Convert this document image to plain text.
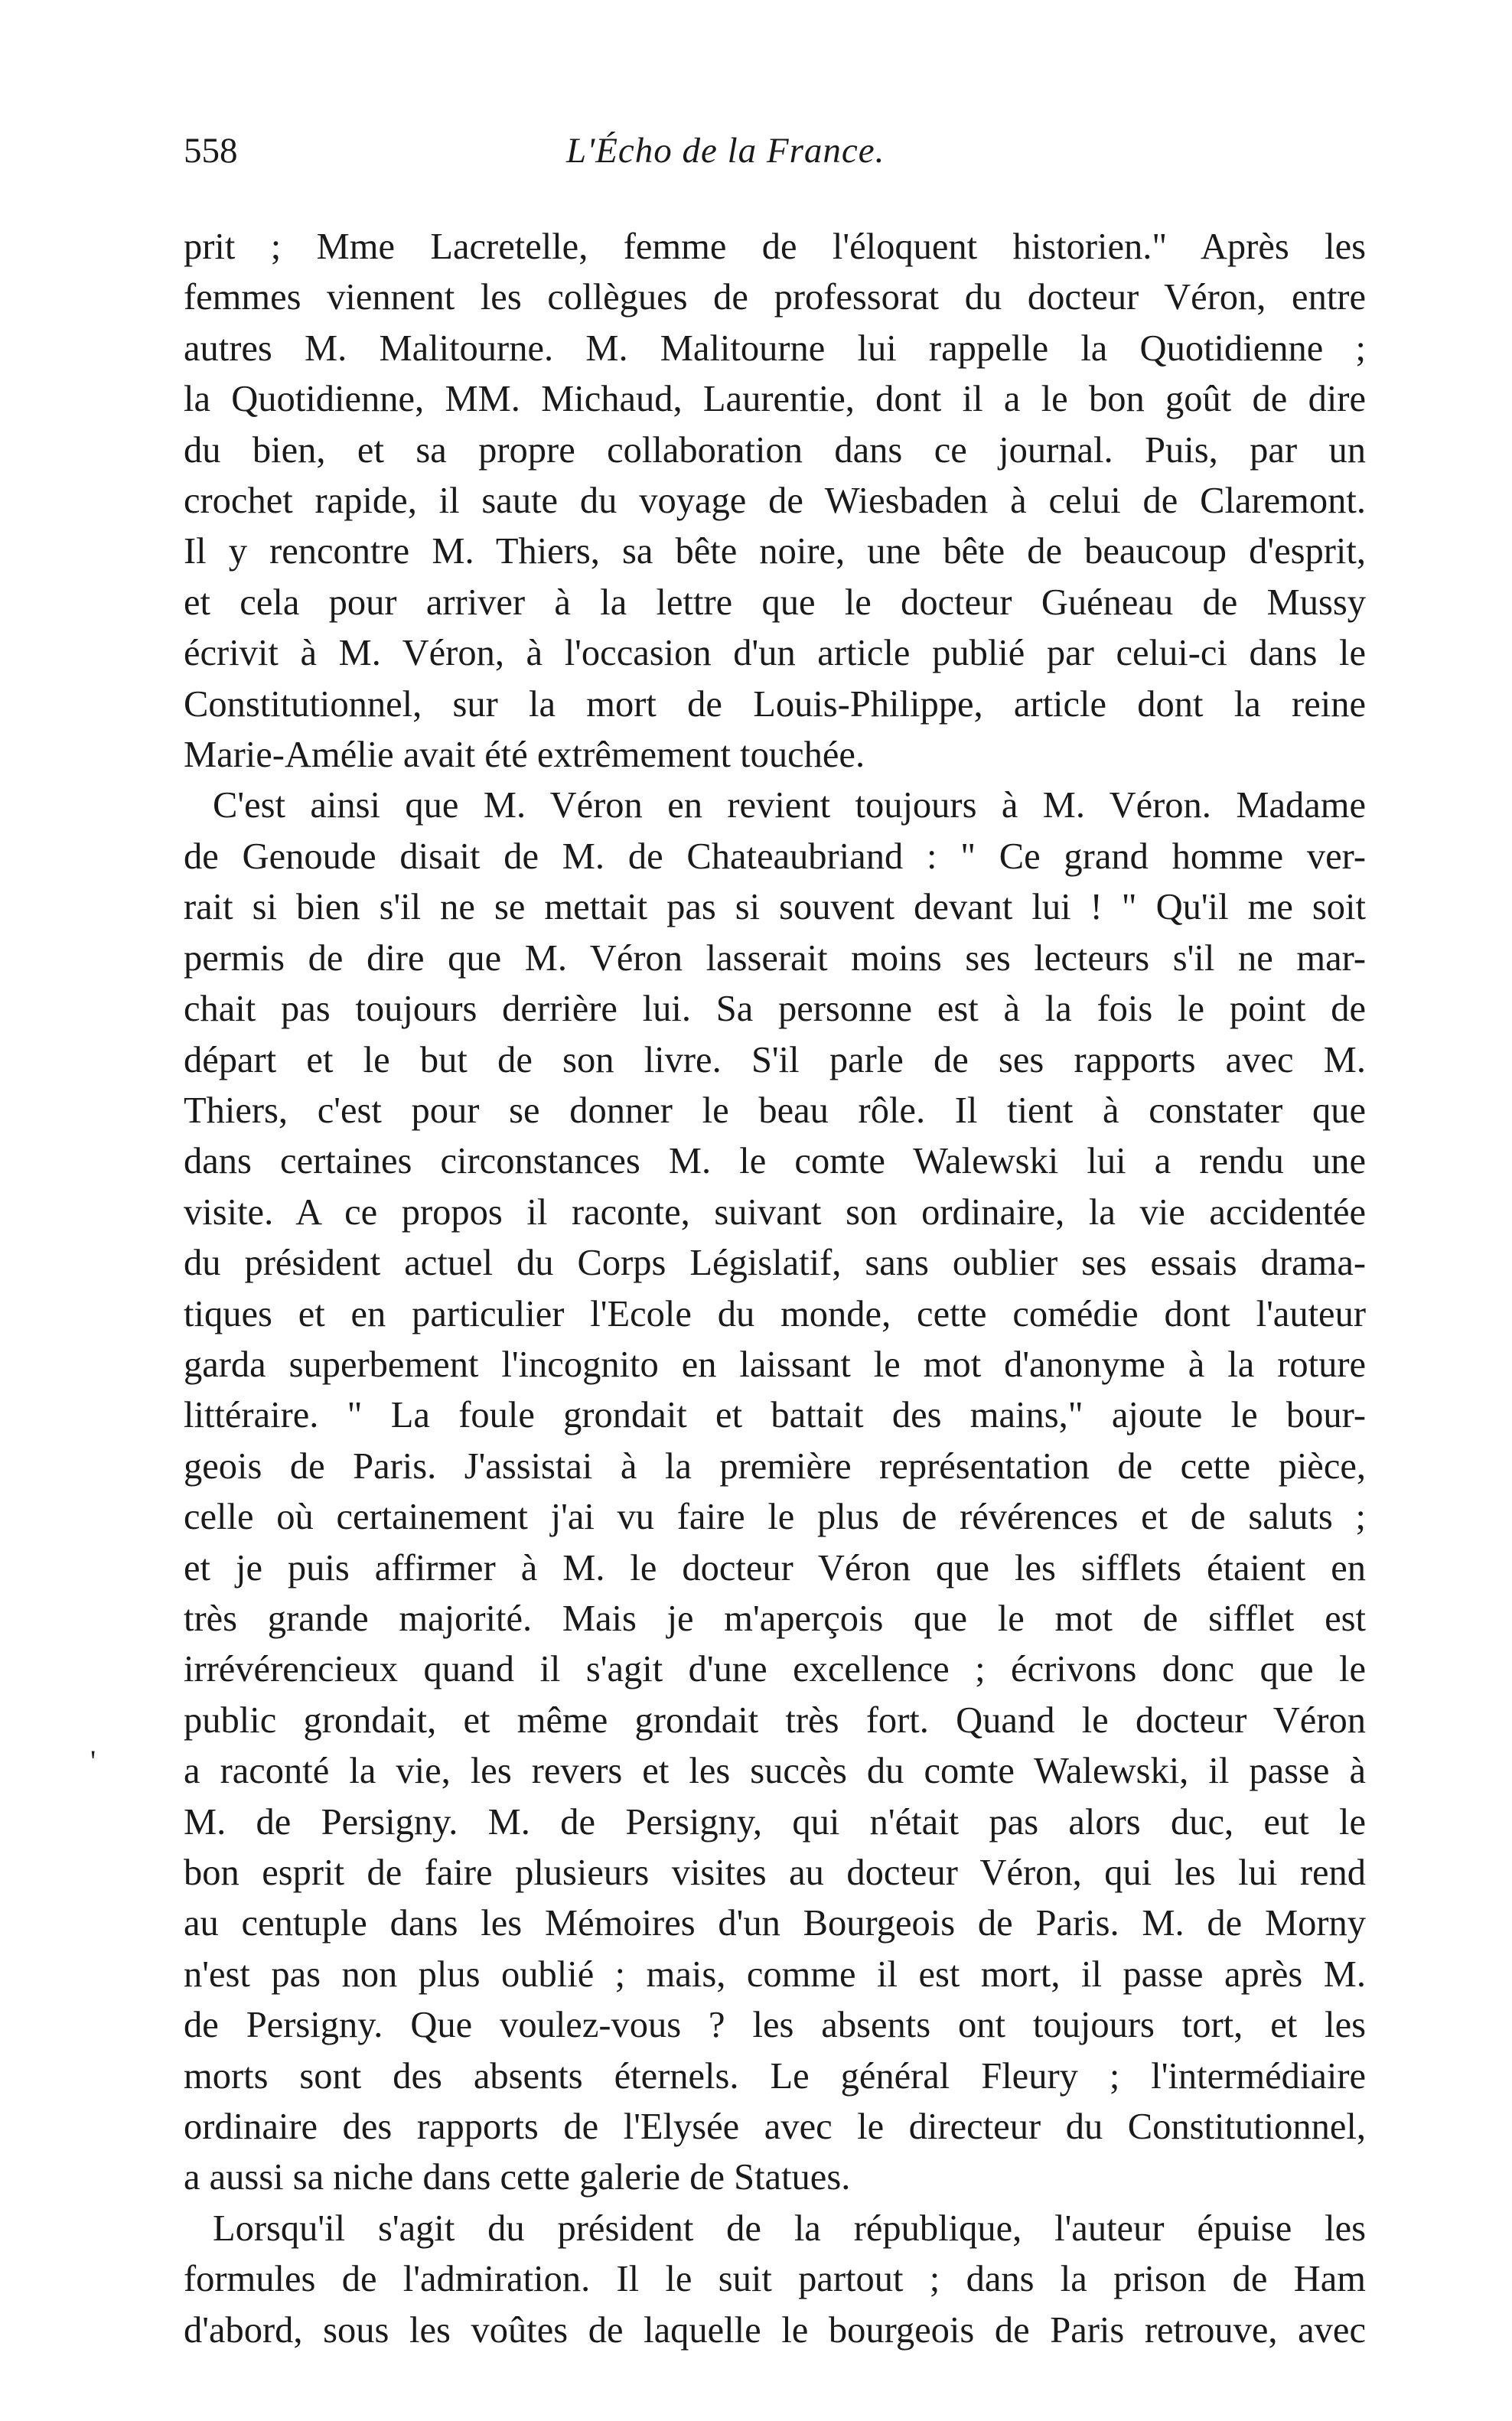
'
558	L'Écho de la France.
prit ; Mme Lacretelle, femme de l'éloquent historien." Après les
femmes viennent les collègues de professorat du docteur Véron, entre
autres M. Malitourne. M. Malitourne lui rappelle la Quotidienne ;
la Quotidienne, MM. Michaud, Laurentie, dont il a le bon goût de dire
du bien, et sa propre collaboration dans ce journal. Puis, par un
crochet rapide, il saute du voyage de Wiesbaden à celui de Claremont.
Il y rencontre M. Thiers, sa bête noire, une bête de beaucoup d'esprit,
et cela pour arriver à la lettre que le docteur Guéneau de Mussy
écrivit à M. Véron, à l'occasion d'un article publié par celui-ci dans le
Constitutionnel, sur la mort de Louis-Philippe, article dont la reine
Marie-Amélie avait été extrêmement touchée.
C'est ainsi que M. Véron en revient toujours à M. Véron. Madame
de Genoude disait de M. de Chateaubriand : " Ce grand homme ver-
rait si bien s'il ne se mettait pas si souvent devant lui ! " Qu'il me soit
permis de dire que M. Véron lasserait moins ses lecteurs s'il ne mar-
chait pas toujours derrière lui. Sa personne est à la fois le point de
départ et le but de son livre. S'il parle de ses rapports avec M.
Thiers, c'est pour se donner le beau rôle. Il tient à constater que
dans certaines circonstances M. le comte Walewski lui a rendu une
visite. A ce propos il raconte, suivant son ordinaire, la vie accidentée
du président actuel du Corps Législatif, sans oublier ses essais drama-
tiques et en particulier l'Ecole du monde, cette comédie dont l'auteur
garda superbement l'incognito en laissant le mot d'anonyme à la roture
littéraire. " La foule grondait et battait des mains," ajoute le bour-
geois de Paris. J'assistai à la première représentation de cette pièce,
celle où certainement j'ai vu faire le plus de révérences et de saluts ;
et je puis affirmer à M. le docteur Véron que les sifflets étaient en
très grande majorité. Mais je m'aperçois que le mot de sifflet est
irrévérencieux quand il s'agit d'une excellence ; écrivons donc que le
public grondait, et même grondait très fort. Quand le docteur Véron
a raconté la vie, les revers et les succès du comte Walewski, il passe à
M. de Persigny. M. de Persigny, qui n'était pas alors duc, eut le
bon esprit de faire plusieurs visites au docteur Véron, qui les lui rend
au centuple dans les Mémoires d'un Bourgeois de Paris. M. de Morny
n'est pas non plus oublié ; mais, comme il est mort, il passe après M.
de Persigny. Que voulez-vous ? les absents ont toujours tort, et les
morts sont des absents éternels. Le général Fleury ; l'intermédiaire
ordinaire des rapports de l'Elysée avec le directeur du Constitutionnel,
a aussi sa niche dans cette galerie de Statues.
Lorsqu'il s'agit du président de la république, l'auteur épuise les
formules de l'admiration. Il le suit partout ; dans la prison de Ham
d'abord, sous les voûtes de laquelle le bourgeois de Paris retrouve, avec
